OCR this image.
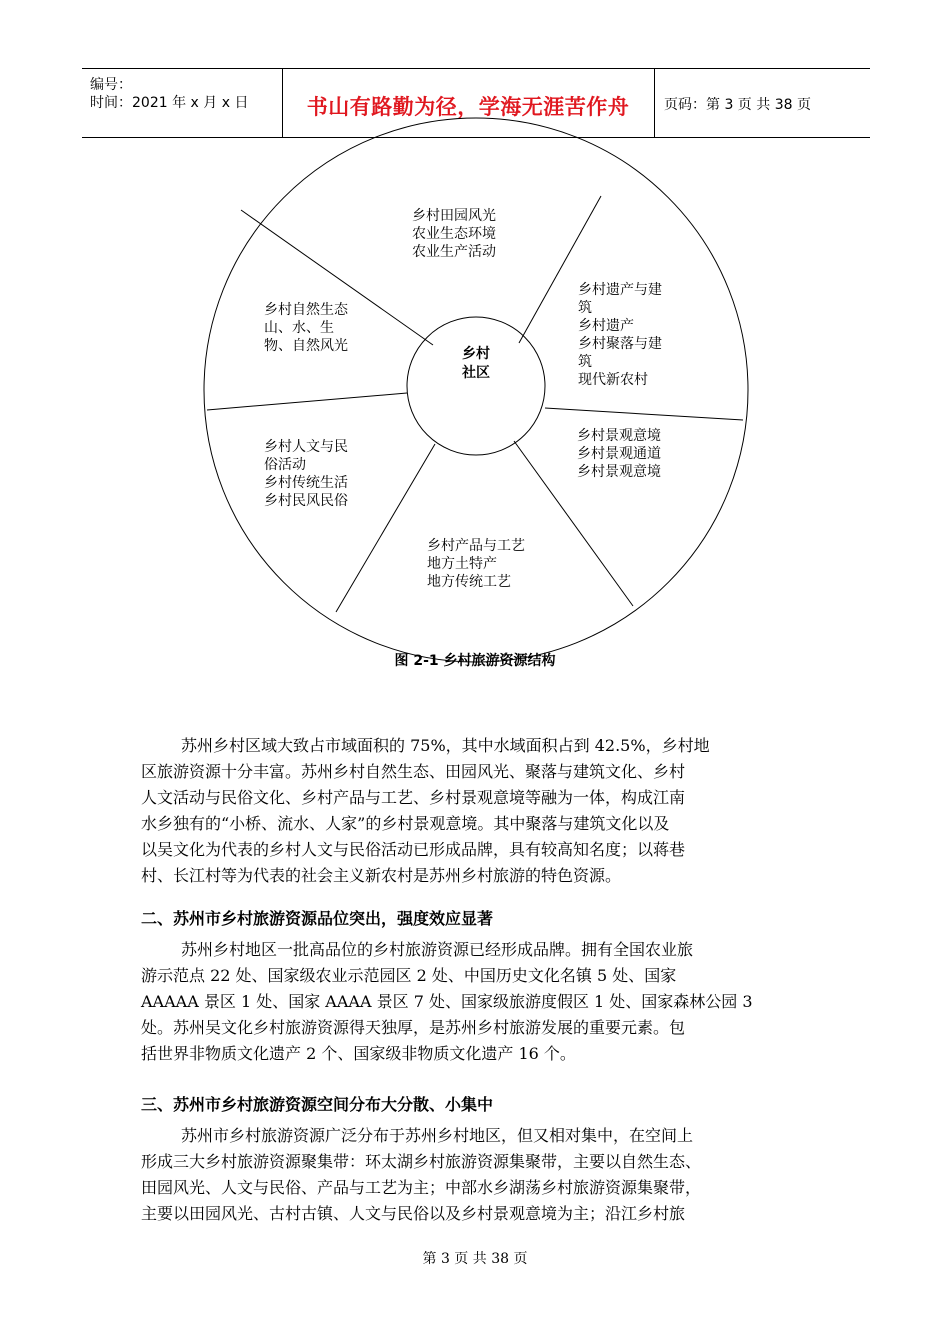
编号：
时间：2021 年 x 月 x 日	书山有路勤为径，学海无涯苦作舟	页码：第 3 页 共 38 页
乡村田园风光
农业生态环境
农业生产活动
乡村遗产与建
筑
乡村遗产
乡村聚落与建
筑
现代新农村
乡村景观意境
乡村景观通道
乡村景观意境
乡村产品与工艺
地方土特产
地方传统工艺
乡村人文与民
俗活动
乡村传统生活
乡村民风民俗
乡村自然生态
山、水、生
物、自然风光	乡村
社区
图 2-1 乡村旅游资源结构
苏州乡村区域大致占市域面积的 75%，其中水域面积占到 42.5%，乡村地
区旅游资源十分丰富。苏州乡村自然生态、田园风光、聚落与建筑文化、乡村
人文活动与民俗文化、乡村产品与工艺、乡村景观意境等融为一体，构成江南
水乡独有的“小桥、流水、人家”的乡村景观意境。其中聚落与建筑文化以及
以吴文化为代表的乡村人文与民俗活动已形成品牌，具有较高知名度；以蒋巷
村、长江村等为代表的社会主义新农村是苏州乡村旅游的特色资源。
二、苏州市乡村旅游资源品位突出，强度效应显著
苏州乡村地区一批高品位的乡村旅游资源已经形成品牌。拥有全国农业旅
游示范点 22 处、国家级农业示范园区 2 处、中国历史文化名镇 5 处、国家
AAAAA 景区 1 处、国家 AAAA 景区 7 处、国家级旅游度假区 1 处、国家森林公园 3
处。苏州吴文化乡村旅游资源得天独厚，是苏州乡村旅游发展的重要元素。包
括世界非物质文化遗产 2 个、国家级非物质文化遗产 16 个。
三、苏州市乡村旅游资源空间分布大分散、小集中
苏州市乡村旅游资源广泛分布于苏州乡村地区，但又相对集中，在空间上
形成三大乡村旅游资源聚集带：环太湖乡村旅游资源集聚带，主要以自然生态、
田园风光、人文与民俗、产品与工艺为主；中部水乡湖荡乡村旅游资源集聚带，
主要以田园风光、古村古镇、人文与民俗以及乡村景观意境为主；沿江乡村旅
第 3 页 共 38 页
